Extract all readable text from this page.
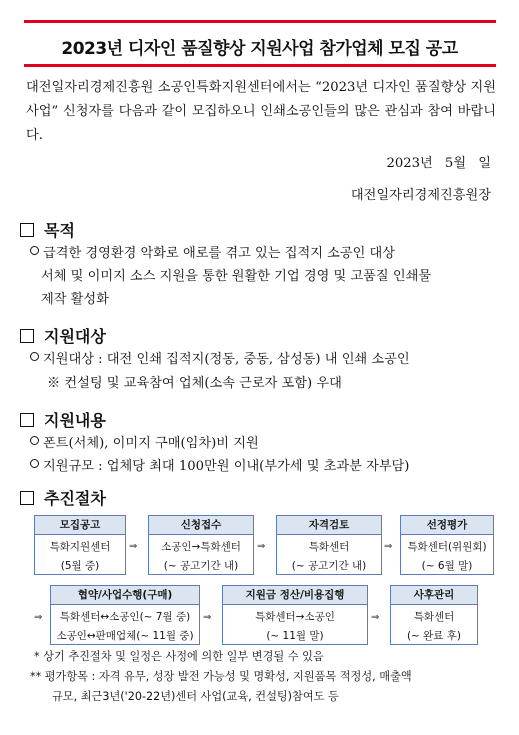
2023년 디자인 품질향상 지원사업 참가업체 모집 공고
대전일자리경제진흥원 소공인특화지원센터에서는 “2023년 디자인 품질향상 지원사업” 신청자를 다음과 같이 모집하오니 인쇄소공인들의 많은 관심과 참여 바랍니다.
2023년 5월 일
대전일자리경제진흥원장
목적
급격한 경영환경 악화로 애로를 겪고 있는 집적지 소공인 대상
서체 및 이미지 소스 지원을 통한 원활한 기업 경영 및 고품질 인쇄물
제작 활성화
지원대상
지원대상 : 대전 인쇄 집적지(정동, 중동, 삼성동) 내 인쇄 소공인
※ 컨설팅 및 교육참여 업체(소속 근로자 포함) 우대
지원내용
폰트(서체), 이미지 구매(임차)비 지원
지원규모 : 업체당 최대 100만원 이내(부가세 및 초과분 자부담)
추진절차
모집공고
특화지원센터
(5월 중)
⇒
신청접수
소공인→특화센터
(~ 공고기간 내)
⇒
자격검토
특화센터
(~ 공고기간 내)
⇒
선정평가
특화센터(위원회)
(~ 6월 말)
⇒
협약/사업수행(구매)
특화센터↔소공인(~ 7월 중)
소공인↔판매업체(~ 11월 중)
⇒
지원금 정산/비용집행
특화센터→소공인
(~ 11월 말)
⇒
사후관리
특화센터
(~ 완료 후)
* 상기 추진절차 및 일정은 사정에 의한 일부 변경될 수 있음
** 평가항목 : 자격 유무, 성장 발전 가능성 및 명확성, 지원품목 적정성, 매출액
규모, 최근3년('20-22년)센터 사업(교육, 컨설팅)참여도 등
